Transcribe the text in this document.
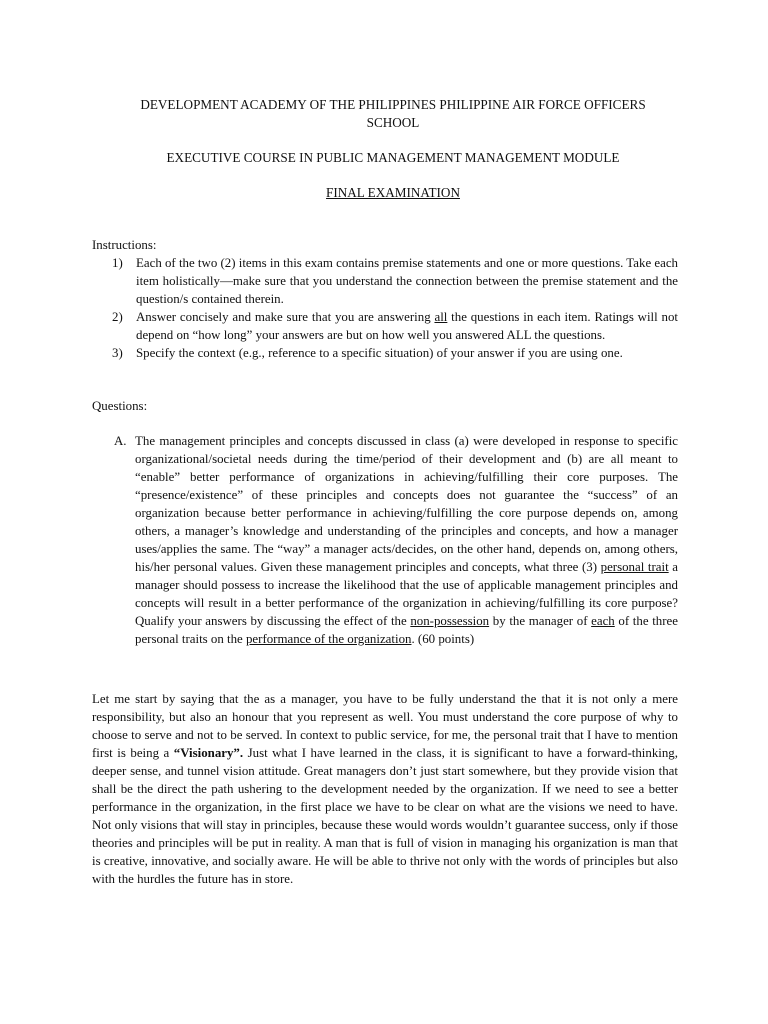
DEVELOPMENT ACADEMY OF THE PHILIPPINES PHILIPPINE AIR FORCE OFFICERS
SCHOOL
EXECUTIVE COURSE IN PUBLIC MANAGEMENT MANAGEMENT MODULE
FINAL EXAMINATION
Instructions:
1) Each of the two (2) items in this exam contains premise statements and one or more questions. Take each item holistically—make sure that you understand the connection between the premise statement and the question/s contained therein.
2) Answer concisely and make sure that you are answering all the questions in each item. Ratings will not depend on “how long” your answers are but on how well you answered ALL the questions.
3) Specify the context (e.g., reference to a specific situation) of your answer if you are using one.
Questions:
A. The management principles and concepts discussed in class (a) were developed in response to specific organizational/societal needs during the time/period of their development and (b) are all meant to “enable” better performance of organizations in achieving/fulfilling their core purposes. The “presence/existence” of these principles and concepts does not guarantee the “success” of an organization because better performance in achieving/fulfilling the core purpose depends on, among others, a manager’s knowledge and understanding of the principles and concepts, and how a manager uses/applies the same. The “way” a manager acts/decides, on the other hand, depends on, among others, his/her personal values. Given these management principles and concepts, what three (3) personal trait a manager should possess to increase the likelihood that the use of applicable management principles and concepts will result in a better performance of the organization in achieving/fulfilling its core purpose? Qualify your answers by discussing the effect of the non-possession by the manager of each of the three personal traits on the performance of the organization. (60 points)
Let me start by saying that the as a manager, you have to be fully understand the that it is not only a mere responsibility, but also an honour that you represent as well. You must understand the core purpose of why to choose to serve and not to be served. In context to public service, for me, the personal trait that I have to mention first is being a “Visionary”. Just what I have learned in the class, it is significant to have a forward-thinking, deeper sense, and tunnel vision attitude. Great managers don’t just start somewhere, but they provide vision that shall be the direct the path ushering to the development needed by the organization. If we need to see a better performance in the organization, in the first place we have to be clear on what are the visions we need to have. Not only visions that will stay in principles, because these would words wouldn’t guarantee success, only if those theories and principles will be put in reality. A man that is full of vision in managing his organization is man that is creative, innovative, and socially aware. He will be able to thrive not only with the words of principles but also with the hurdles the future has in store.
